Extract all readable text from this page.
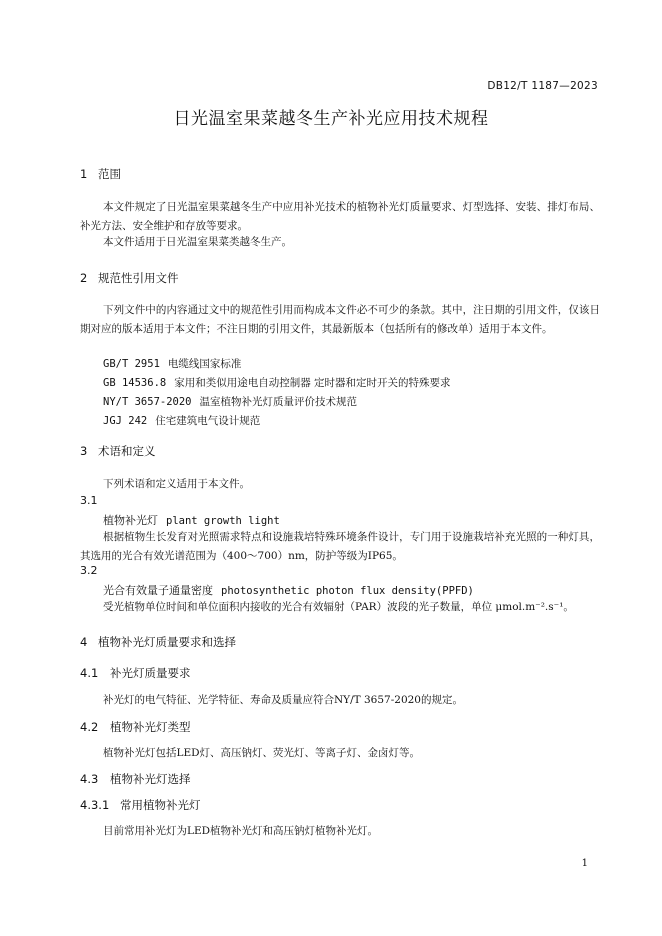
DB12/T 1187—2023
日光温室果菜越冬生产补光应用技术规程
1 范围
本文件规定了日光温室果菜越冬生产中应用补光技术的植物补光灯质量要求、灯型选择、安装、排灯布局、补光方法、安全维护和存放等要求。
本文件适用于日光温室果菜类越冬生产。
2 规范性引用文件
下列文件中的内容通过文中的规范性引用而构成本文件必不可少的条款。其中，注日期的引用文件，仅该日期对应的版本适用于本文件；不注日期的引用文件，其最新版本（包括所有的修改单）适用于本文件。
GB/T 2951 电缆线国家标准
GB 14536.8 家用和类似用途电自动控制器 定时器和定时开关的特殊要求
NY/T 3657-2020 温室植物补光灯质量评价技术规范
JGJ 242 住宅建筑电气设计规范
3 术语和定义
下列术语和定义适用于本文件。
3.1
植物补光灯 plant growth light
根据植物生长发育对光照需求特点和设施栽培特殊环境条件设计，专门用于设施栽培补充光照的一种灯具，其选用的光合有效光谱范围为（400～700）nm，防护等级为IP65。
3.2
光合有效量子通量密度 photosynthetic photon flux density(PPFD)
受光植物单位时间和单位面积内接收的光合有效辐射（PAR）波段的光子数量，单位 μmol.m⁻².s⁻¹。
4 植物补光灯质量要求和选择
4.1 补光灯质量要求
补光灯的电气特征、光学特征、寿命及质量应符合NY/T 3657-2020的规定。
4.2 植物补光灯类型
植物补光灯包括LED灯、高压钠灯、荧光灯、等离子灯、金卤灯等。
4.3 植物补光灯选择
4.3.1 常用植物补光灯
目前常用补光灯为LED植物补光灯和高压钠灯植物补光灯。
1
